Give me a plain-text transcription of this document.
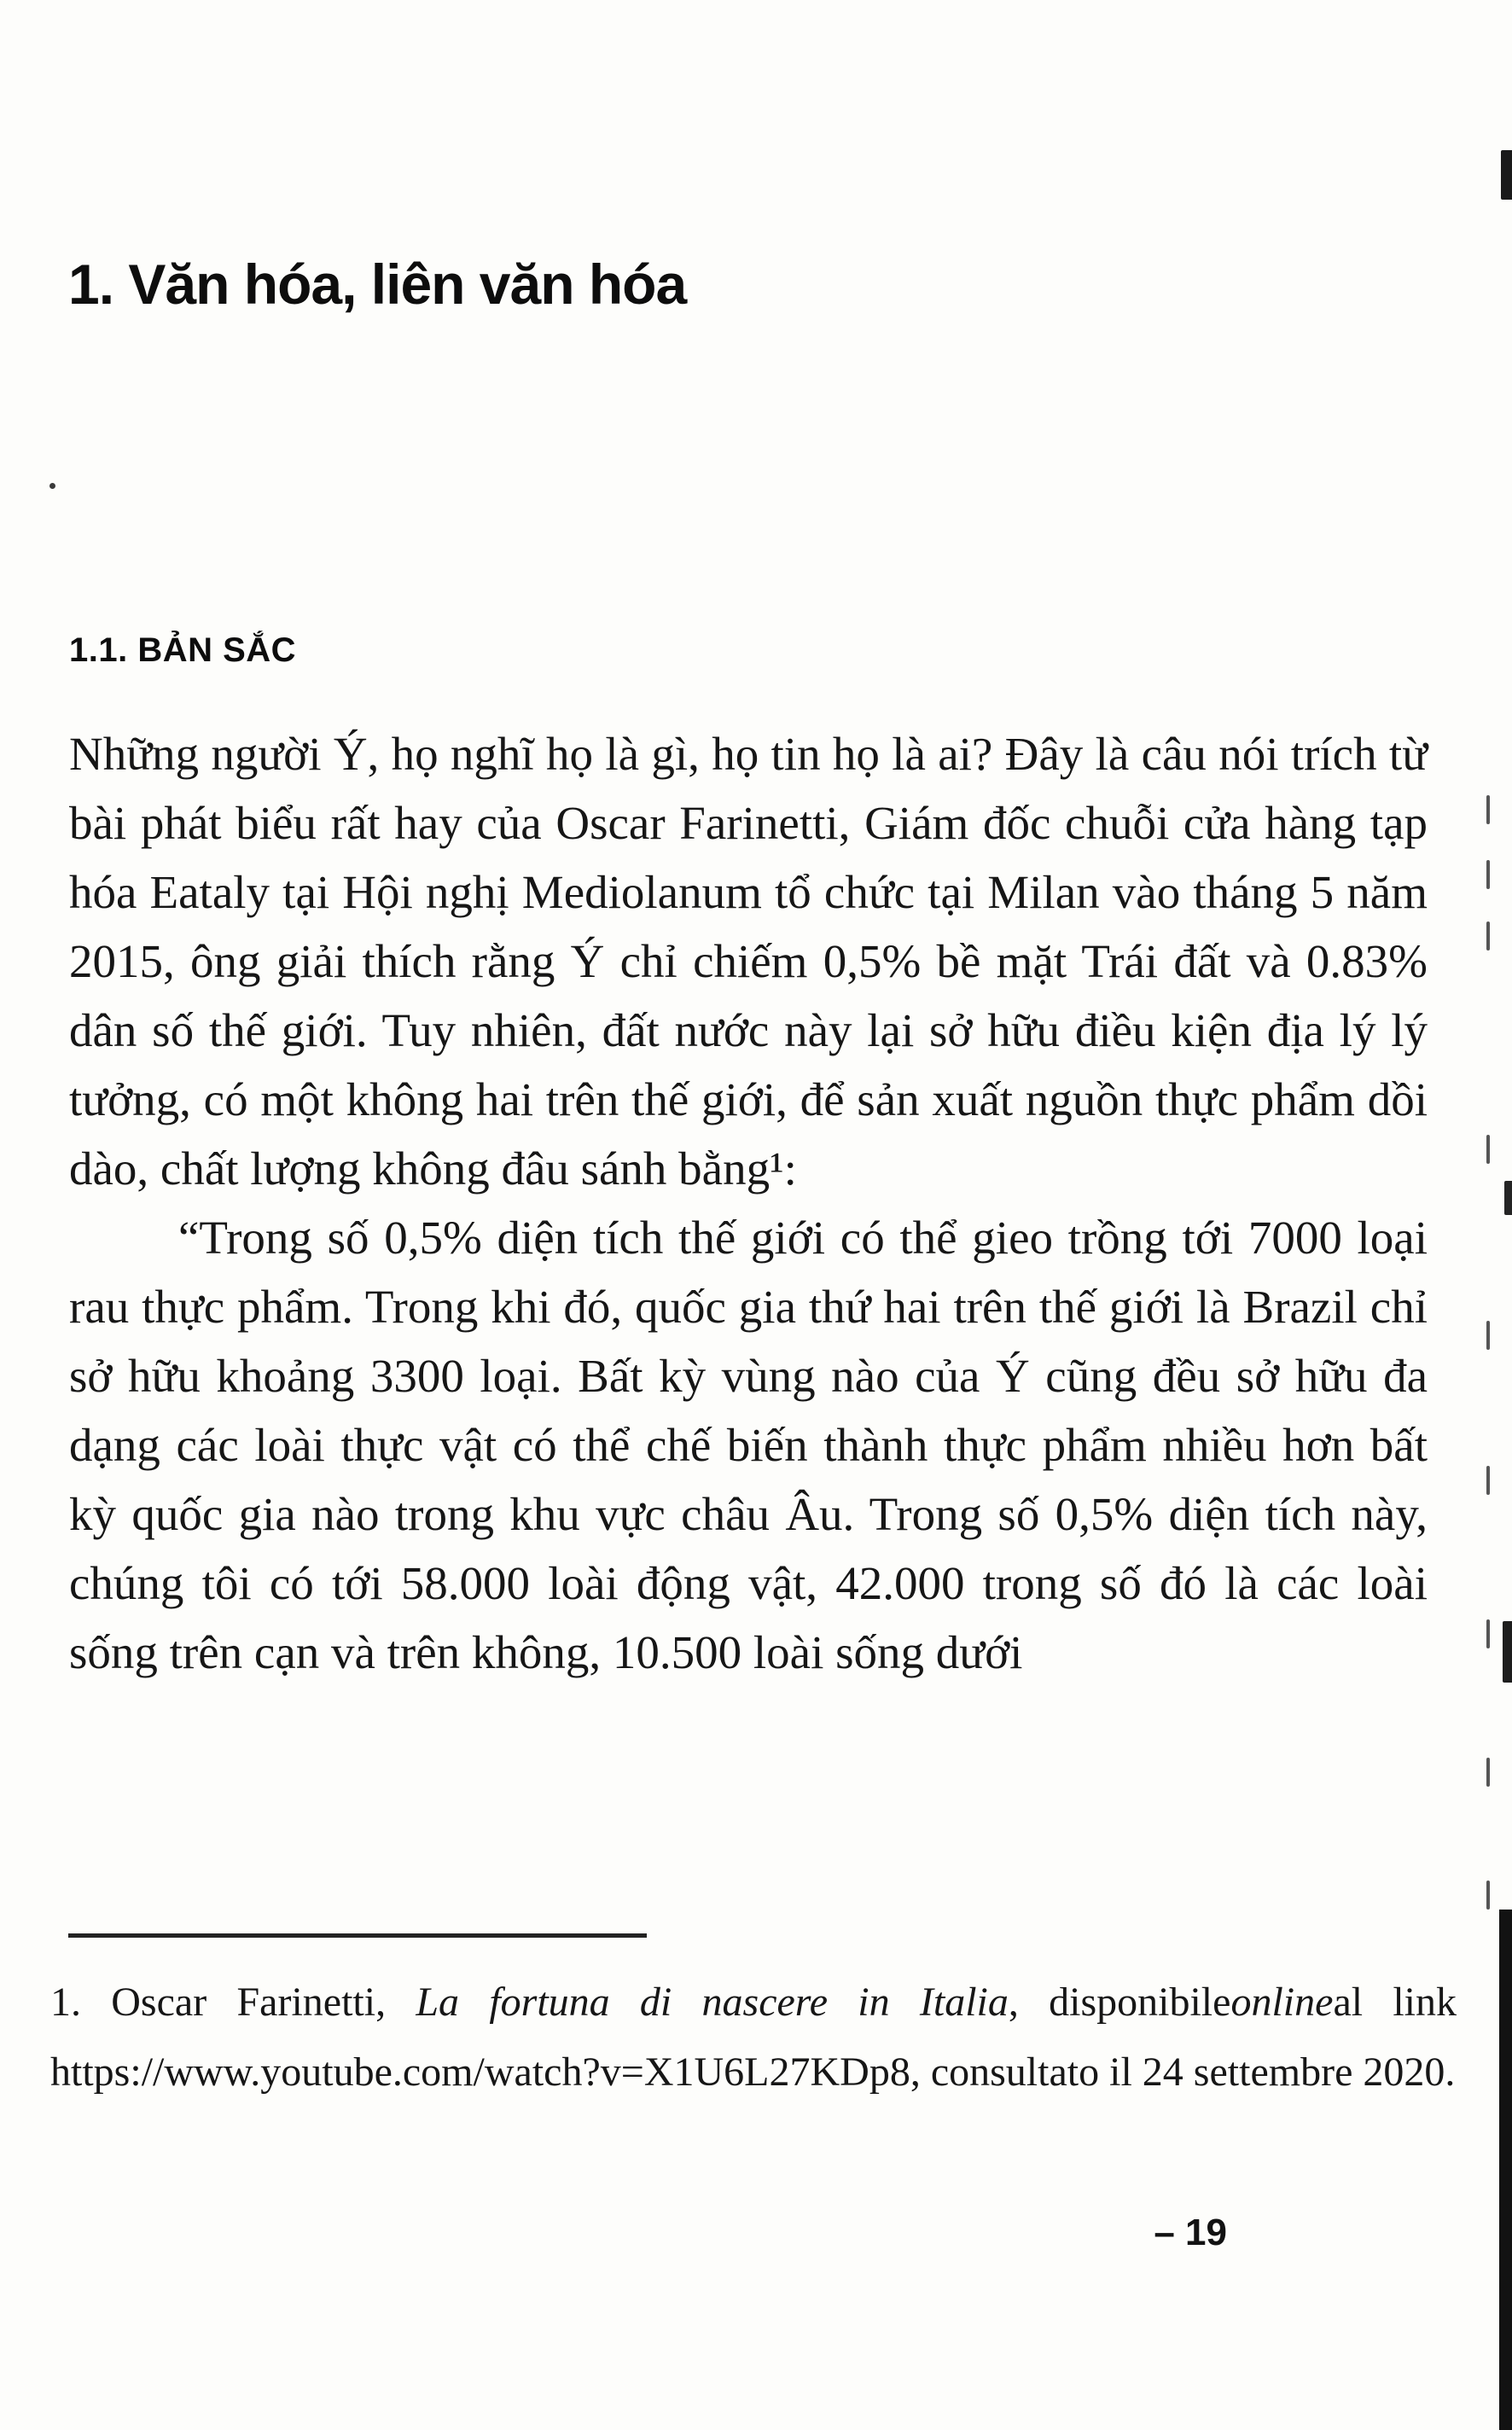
1. Văn hóa, liên văn hóa
1.1. BẢN SẮC

Những người Ý, họ nghĩ họ là gì, họ tin họ là ai? Đây là câu nói trích từ bài phát biểu rất hay của Oscar Farinetti, Giám đốc chuỗi cửa hàng tạp hóa Eataly tại Hội nghị Mediolanum tổ chức tại Milan vào tháng 5 năm 2015, ông giải thích rằng Ý chỉ chiếm 0,5% bề mặt Trái đất và 0.83% dân số thế giới. Tuy nhiên, đất nước này lại sở hữu điều kiện địa lý lý tưởng, có một không hai trên thế giới, để sản xuất nguồn thực phẩm dồi dào, chất lượng không đâu sánh bằng¹:

“Trong số 0,5% diện tích thế giới có thể gieo trồng tới 7000 loại rau thực phẩm. Trong khi đó, quốc gia thứ hai trên thế giới là Brazil chỉ sở hữu khoảng 3300 loại. Bất kỳ vùng nào của Ý cũng đều sở hữu đa dạng các loài thực vật có thể chế biến thành thực phẩm nhiều hơn bất kỳ quốc gia nào trong khu vực châu Âu. Trong số 0,5% diện tích này, chúng tôi có tới 58.000 loài động vật, 42.000 trong số đó là các loài sống trên cạn và trên không, 10.500 loài sống dưới

1. Oscar Farinetti, La fortuna di nascere in Italia, disponibileonlineal link https://www.youtube.com/watch?v=X1U6L27KDp8, consultato il 24 settembre 2020.

– 19
